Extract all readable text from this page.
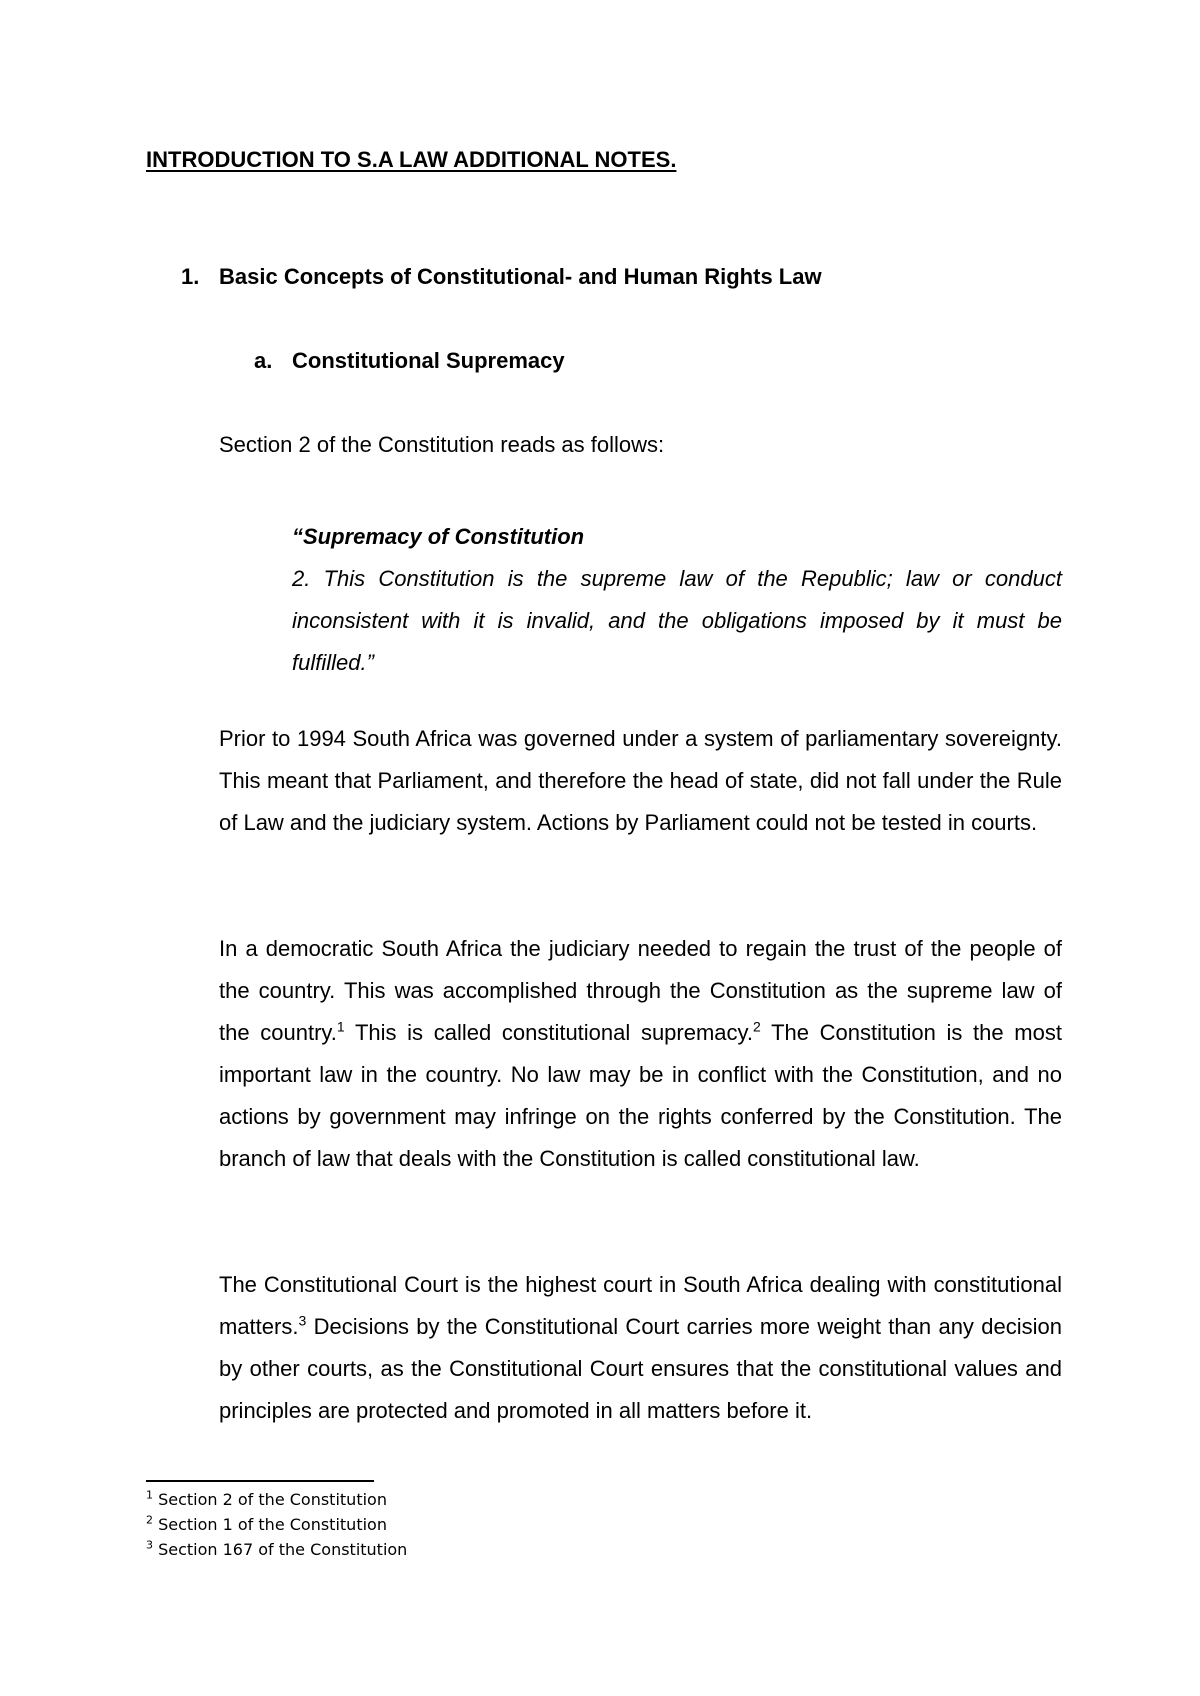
INTRODUCTION TO S.A LAW ADDITIONAL NOTES.
1. Basic Concepts of Constitutional- and Human Rights Law
a. Constitutional Supremacy
Section 2 of the Constitution reads as follows:
“Supremacy of Constitution
2. This Constitution is the supreme law of the Republic; law or conduct inconsistent with it is invalid, and the obligations imposed by it must be fulfilled.”
Prior to 1994 South Africa was governed under a system of parliamentary sovereignty. This meant that Parliament, and therefore the head of state, did not fall under the Rule of Law and the judiciary system. Actions by Parliament could not be tested in courts.
In a democratic South Africa the judiciary needed to regain the trust of the people of the country. This was accomplished through the Constitution as the supreme law of the country.$^1$ This is called constitutional supremacy.$^2$ The Constitution is the most important law in the country. No law may be in conflict with the Constitution, and no actions by government may infringe on the rights conferred by the Constitution. The branch of law that deals with the Constitution is called constitutional law.
The Constitutional Court is the highest court in South Africa dealing with constitutional matters.$^3$ Decisions by the Constitutional Court carries more weight than any decision by other courts, as the Constitutional Court ensures that the constitutional values and principles are protected and promoted in all matters before it.
$^1$ Section 2 of the Constitution
$^2$ Section 1 of the Constitution
$^3$ Section 167 of the Constitution
